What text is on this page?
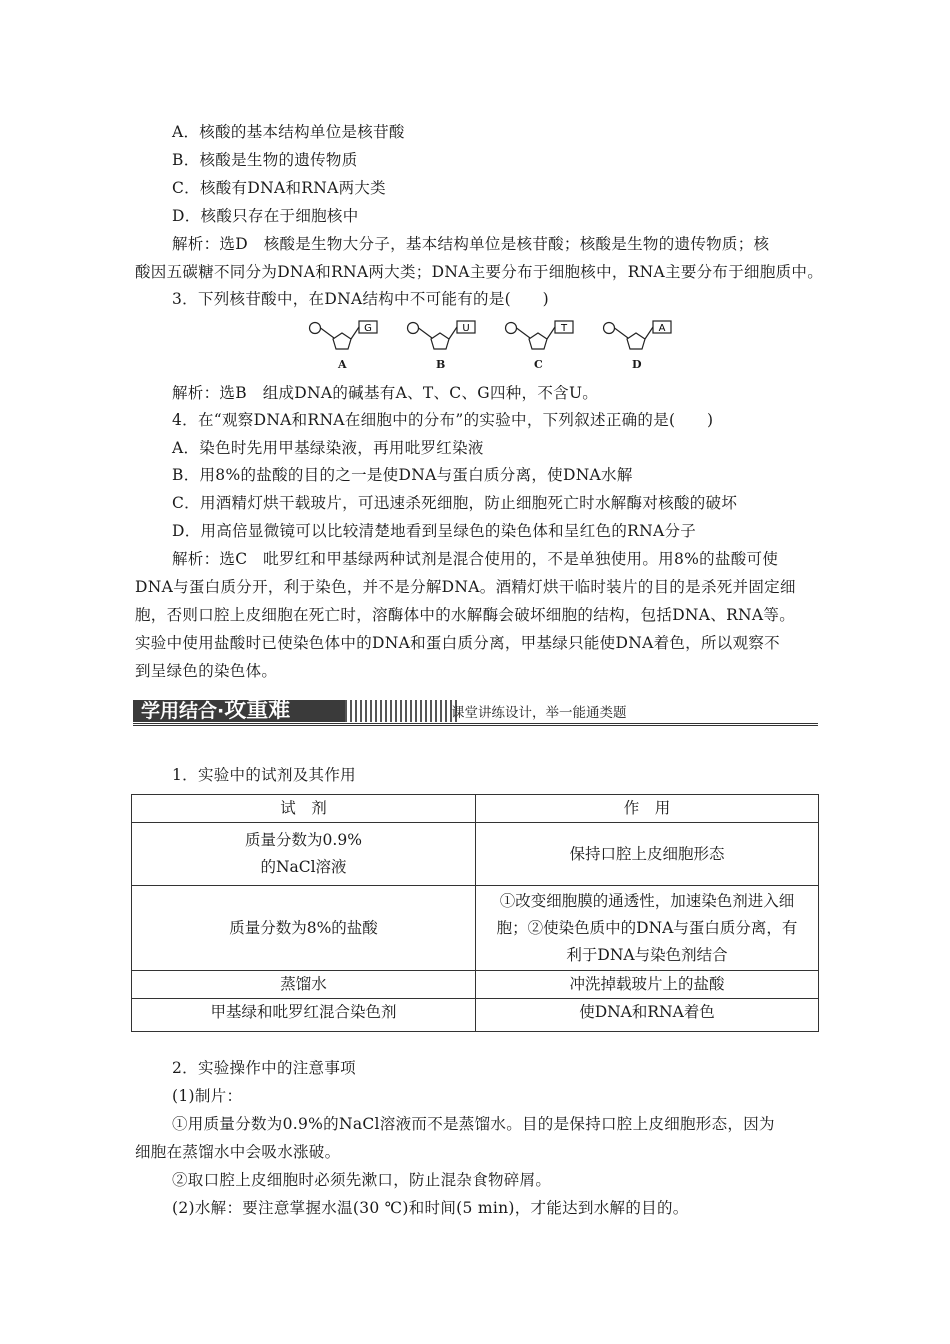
A．核酸的基本结构单位是核苷酸
B．核酸是生物的遗传物质
C．核酸有DNA和RNA两大类
D．核酸只存在于细胞核中
解析：选D　核酸是生物大分子，基本结构单位是核苷酸；核酸是生物的遗传物质；核
酸因五碳糖不同分为DNA和RNA两大类；DNA主要分布于细胞核中，RNA主要分布于细胞质中。
3．下列核苷酸中，在DNA结构中不可能有的是(　　)
G
A
U
B
T
C
A
D
解析：选B　组成DNA的碱基有A、T、C、G四种，不含U。
4．在“观察DNA和RNA在细胞中的分布”的实验中，下列叙述正确的是(　　)
A．染色时先用甲基绿染液，再用吡罗红染液
B．用8%的盐酸的目的之一是使DNA与蛋白质分离，使DNA水解
C．用酒精灯烘干载玻片，可迅速杀死细胞，防止细胞死亡时水解酶对核酸的破坏
D．用高倍显微镜可以比较清楚地看到呈绿色的染色体和呈红色的RNA分子
解析：选C　吡罗红和甲基绿两种试剂是混合使用的，不是单独使用。用8%的盐酸可使
DNA与蛋白质分开，利于染色，并不是分解DNA。酒精灯烘干临时装片的目的是杀死并固定细
胞，否则口腔上皮细胞在死亡时，溶酶体中的水解酶会破坏细胞的结构，包括DNA、RNA等。
实验中使用盐酸时已使染色体中的DNA和蛋白质分离，甲基绿只能使DNA着色，所以观察不
到呈绿色的染色体。
学用结合·攻重难	课堂讲练设计，举一能通类题
1．实验中的试剂及其作用
试　剂	作　用

质量分数为0.9%
的NaCl溶液	保持口腔上皮细胞形态
质量分数为8%的盐酸	①改变细胞膜的通透性，加速染色剂进入细
胞；②使染色质中的DNA与蛋白质分离，有
利于DNA与染色剂结合

蒸馏水	冲洗掉载玻片上的盐酸
甲基绿和吡罗红混合染色剂	使DNA和RNA着色
2．实验操作中的注意事项
(1)制片：
①用质量分数为0.9%的NaCl溶液而不是蒸馏水。目的是保持口腔上皮细胞形态，因为
细胞在蒸馏水中会吸水涨破。
②取口腔上皮细胞时必须先漱口，防止混杂食物碎屑。
(2)水解：要注意掌握水温(30 ℃)和时间(5 min)，才能达到水解的目的。
